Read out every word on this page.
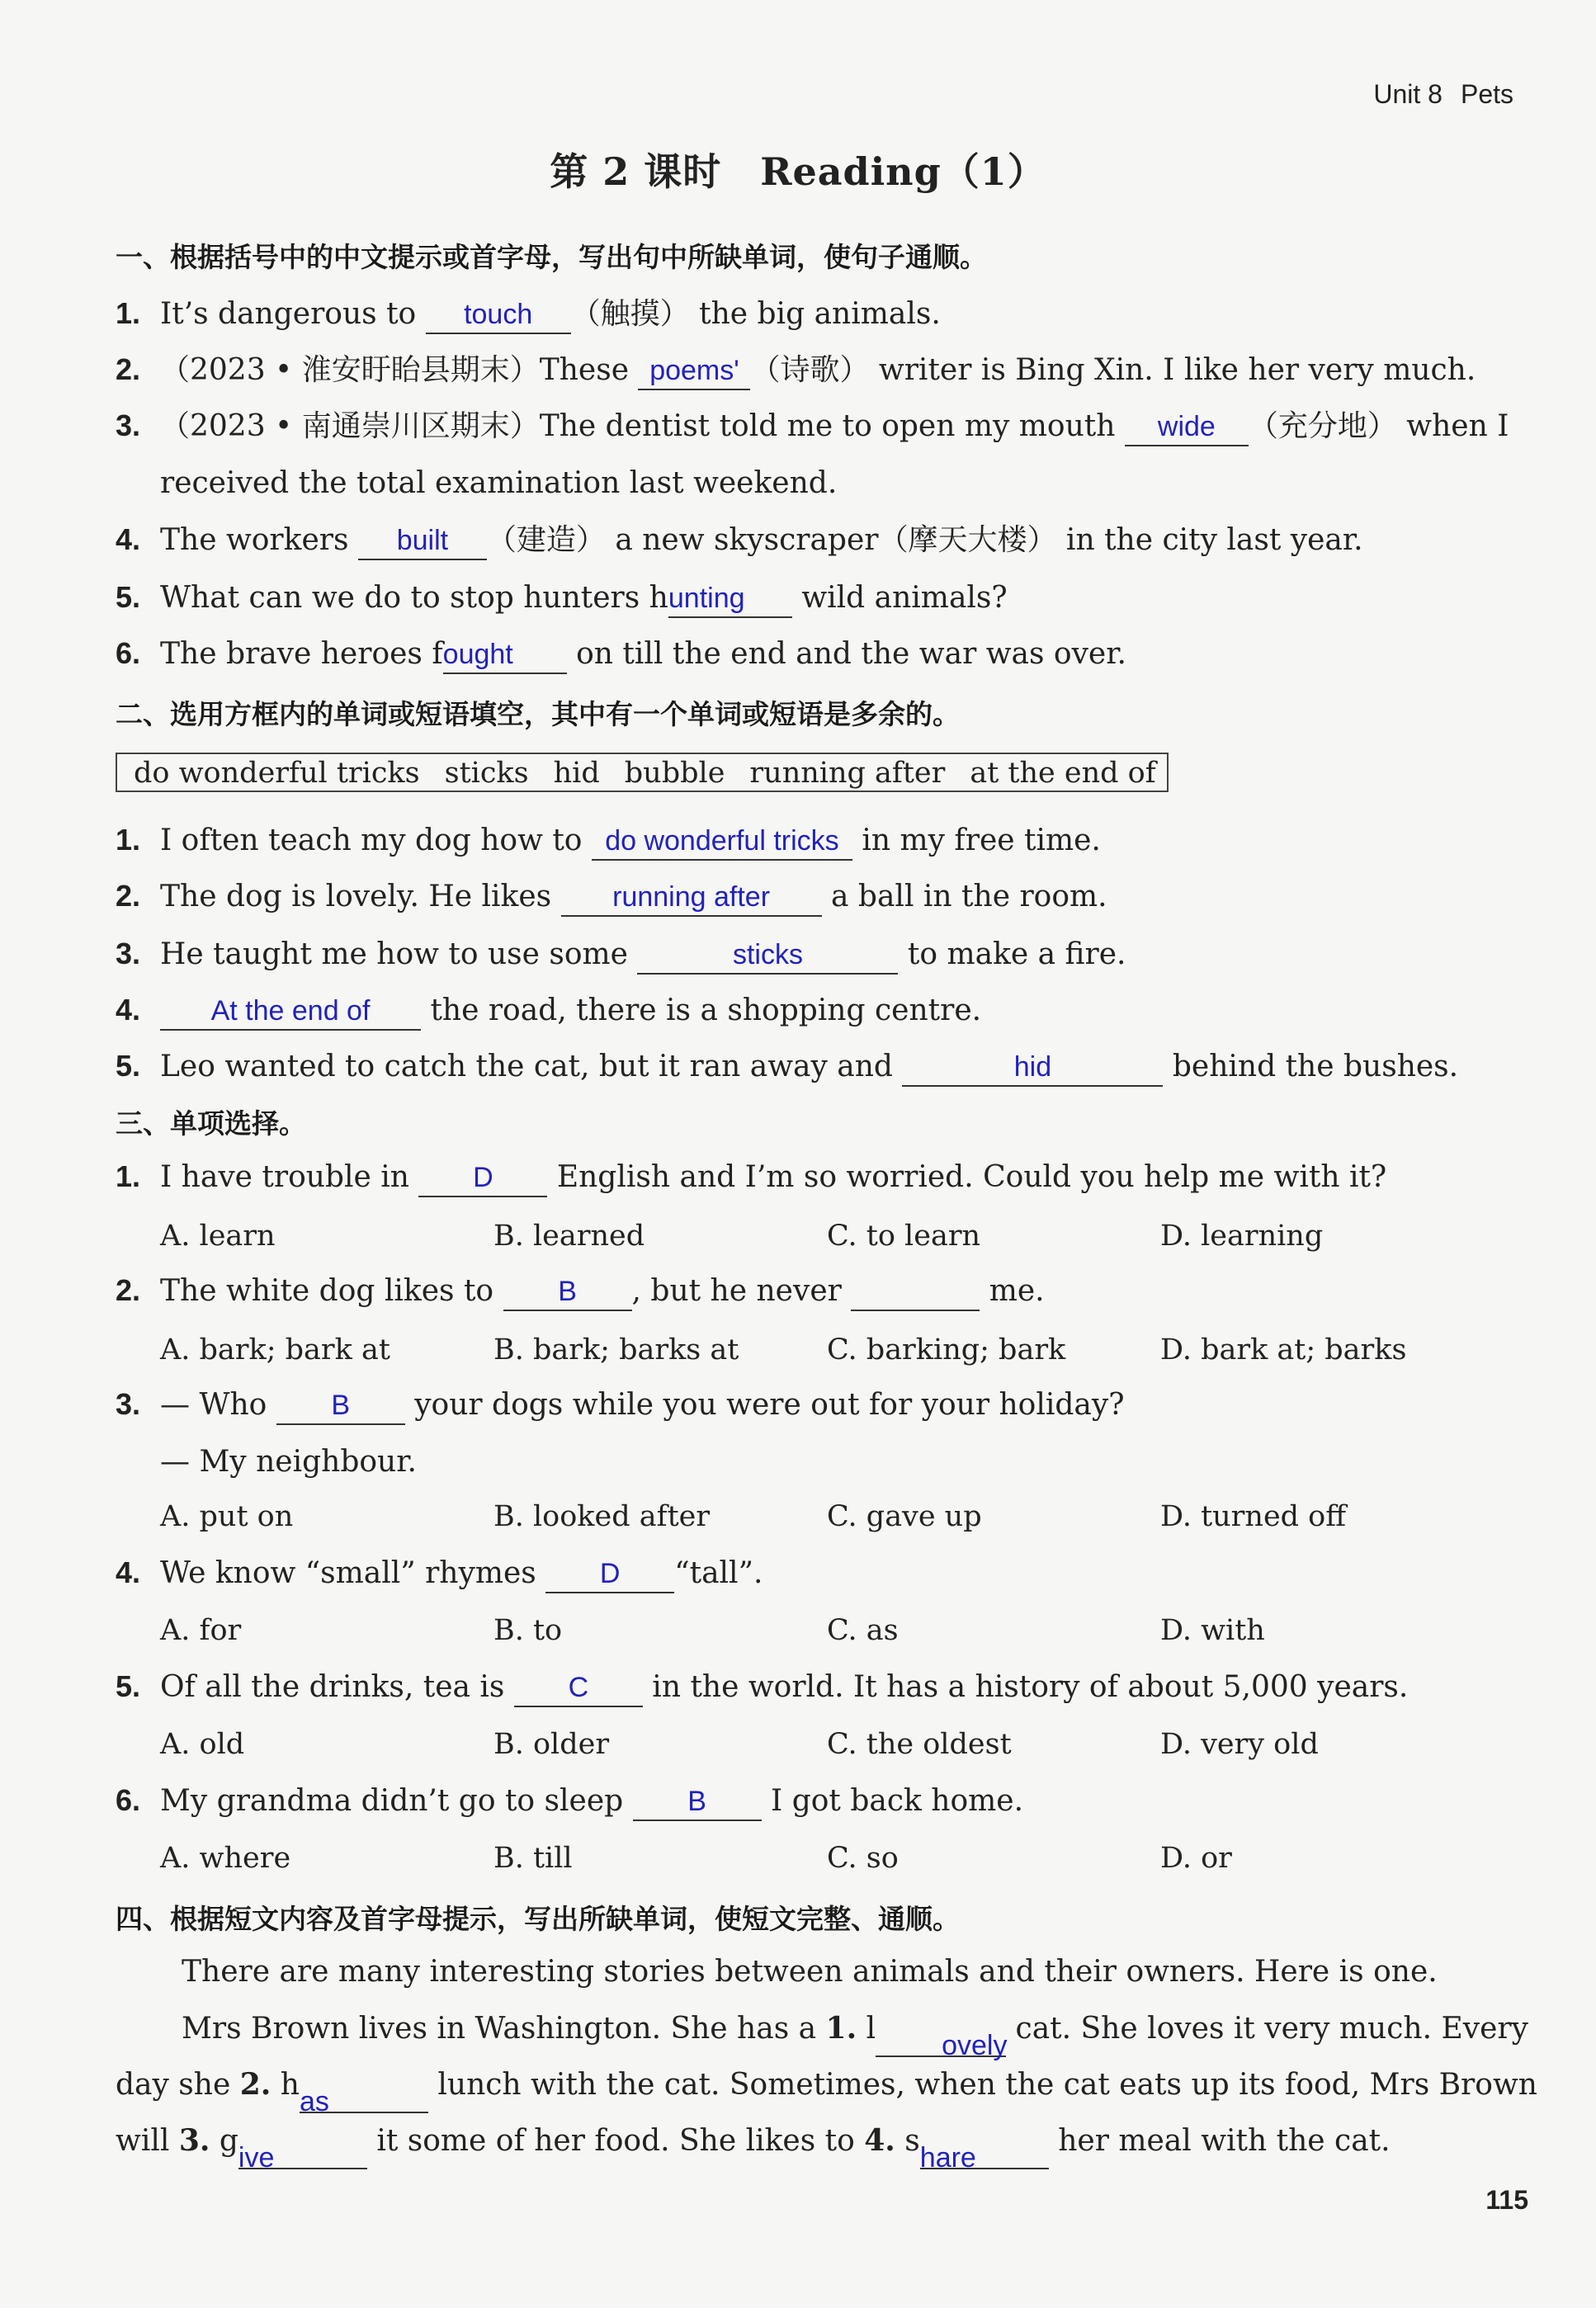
Unit 8 Pets
第 2 课时　Reading（1）
一、根据括号中的中文提示或首字母，写出句中所缺单词，使句子通顺。
1. It’s dangerous to touch （触摸） the big animals.
2. （2023 • 淮安盱眙县期末）These poems' （诗歌） writer is Bing Xin. I like her very much.
3. （2023 • 南通崇川区期末）The dentist told me to open my mouth wide （充分地） when I
received the total examination last weekend.
4. The workers built （建造） a new skyscraper（摩天大楼） in the city last year.
5. What can we do to stop hunters hunting wild animals?
6. The brave heroes fought on till the end and the war was over.
二、选用方框内的单词或短语填空，其中有一个单词或短语是多余的。
do wonderful tricks sticks hid bubble running after at the end of
1. I often teach my dog how to do wonderful tricks in my free time.
2. The dog is lovely. He likes running after a ball in the room.
3. He taught me how to use some	sticks	to make a fire.
4.	At the end of the road, there is a shopping centre.
5. Leo wanted to catch the cat, but it ran away and	hid	behind the bushes.
三、单项选择。
1. I have trouble in D English and I’m so worried. Could you help me with it?
A. learn	B. learned	C. to learn	D. learning
2. The white dog likes to B , but he never	me.
A. bark; bark at	B. bark; barks at	C. barking; bark	D. bark at; barks
3. — Who B your dogs while you were out for your holiday?
— My neighbour.
A. put on	B. looked after	C. gave up	D. turned off
4. We know “small” rhymes D “tall”.
A. for	B. to	C. as	D. with
5. Of all the drinks, tea is C in the world. It has a history of about 5,000 years.
A. old	B. older	C. the oldest	D. very old
6. My grandma didn’t go to sleep B I got back home.
A. where	B. till	C. so	D. or
四、根据短文内容及首字母提示，写出所缺单词，使短文完整、通顺。
There are many interesting stories between animals and their owners. Here is one.
Mrs Brown lives in Washington. She has a 1. l ovely cat. She loves it very much. Every
day she 2. has	lunch with the cat. Sometimes, when the cat eats up its food, Mrs Brown
will 3. give	it some of her food. She likes to 4. share her meal with the cat.
115
